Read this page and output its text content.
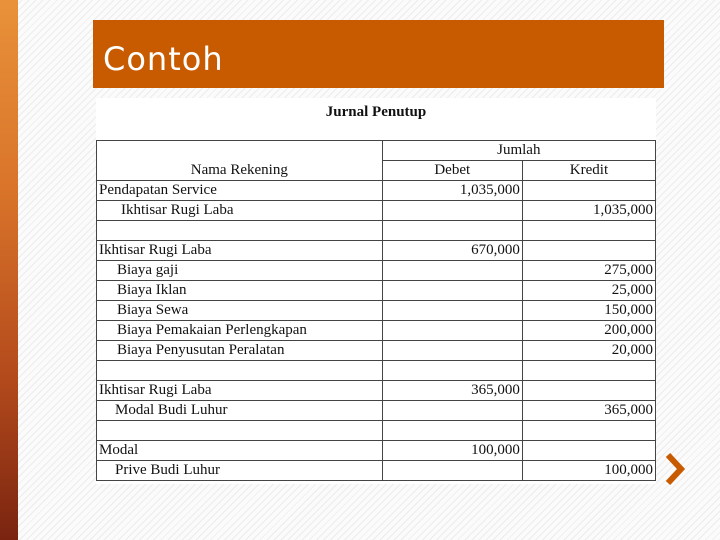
Contoh
Jurnal Penutup
	Jumlah	
Nama Rekening	Debet	Kredit
Pendapatan Service	1,035,000	
Ikhtisar Rugi Laba		1,035,000

Ikhtisar Rugi Laba	670,000	
Biaya gaji		275,000
Biaya Iklan		25,000
Biaya Sewa		150,000
Biaya Pemakaian Perlengkapan		200,000
Biaya Penyusutan Peralatan		20,000

Ikhtisar Rugi Laba	365,000	
Modal Budi Luhur		365,000

Modal	100,000	
Prive Budi Luhur		100,000
